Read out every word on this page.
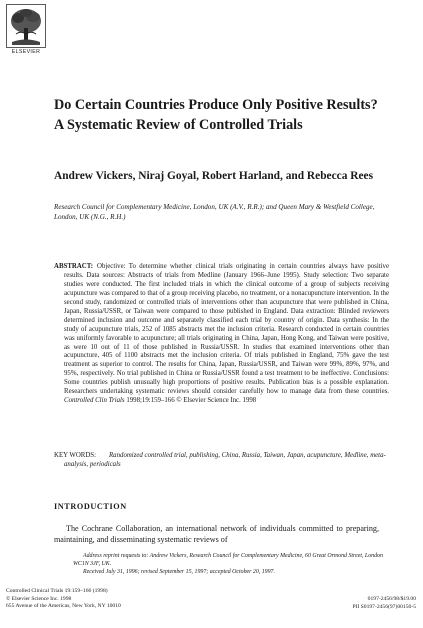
ELSEVIER
Do Certain Countries Produce Only Positive Results? A Systematic Review of Controlled Trials
Andrew Vickers, Niraj Goyal, Robert Harland, and Rebecca Rees
Research Council for Complementary Medicine, London, UK (A.V., R.R.); and Queen Mary & Westfield College, London, UK (N.G., R.H.)
ABSTRACT: Objective: To determine whether clinical trials originating in certain countries always have positive results. Data sources: Abstracts of trials from Medline (January 1966–June 1995). Study selection: Two separate studies were conducted. The first included trials in which the clinical outcome of a group of subjects receiving acupuncture was compared to that of a group receiving placebo, no treatment, or a nonacupuncture intervention. In the second study, randomized or controlled trials of interventions other than acupuncture that were published in China, Japan, Russia/USSR, or Taiwan were compared to those published in England. Data extraction: Blinded reviewers determined inclusion and outcome and separately classified each trial by country of origin. Data synthesis: In the study of acupuncture trials, 252 of 1085 abstracts met the inclusion criteria. Research conducted in certain countries was uniformly favorable to acupuncture; all trials originating in China, Japan, Hong Kong, and Taiwan were positive, as were 10 out of 11 of those published in Russia/USSR. In studies that examined interventions other than acupuncture, 405 of 1100 abstracts met the inclusion criteria. Of trials published in England, 75% gave the test treatment as superior to control. The results for China, Japan, Russia/USSR, and Taiwan were 99%, 89%, 97%, and 95%, respectively. No trial published in China or Russia/USSR found a test treatment to be ineffective. Conclusions: Some countries publish unusually high proportions of positive results. Publication bias is a possible explanation. Researchers undertaking systematic reviews should consider carefully how to manage data from these countries. Controlled Clin Trials 1998;19:159–166 © Elsevier Science Inc. 1998
KEY WORDS:	Randomized controlled trial, publishing, China, Russia, Taiwan, Japan, acupuncture, Medline, meta-analysis, periodicals
INTRODUCTION
The Cochrane Collaboration, an international network of individuals committed to preparing, maintaining, and disseminating systematic reviews of
Address reprint requests to: Andrew Vickers, Research Council for Complementary Medicine, 60 Great Ormond Street, London WC1N 3JF, UK.
Received July 31, 1996; revised September 15, 1997; accepted October 20, 1997.
Controlled Clinical Trials 19:159–166 (1998)
© Elsevier Science Inc. 1998
655 Avenue of the Americas, New York, NY 10010
0197-2456/98/$19.00
PII S0197-2456(97)00150-5
